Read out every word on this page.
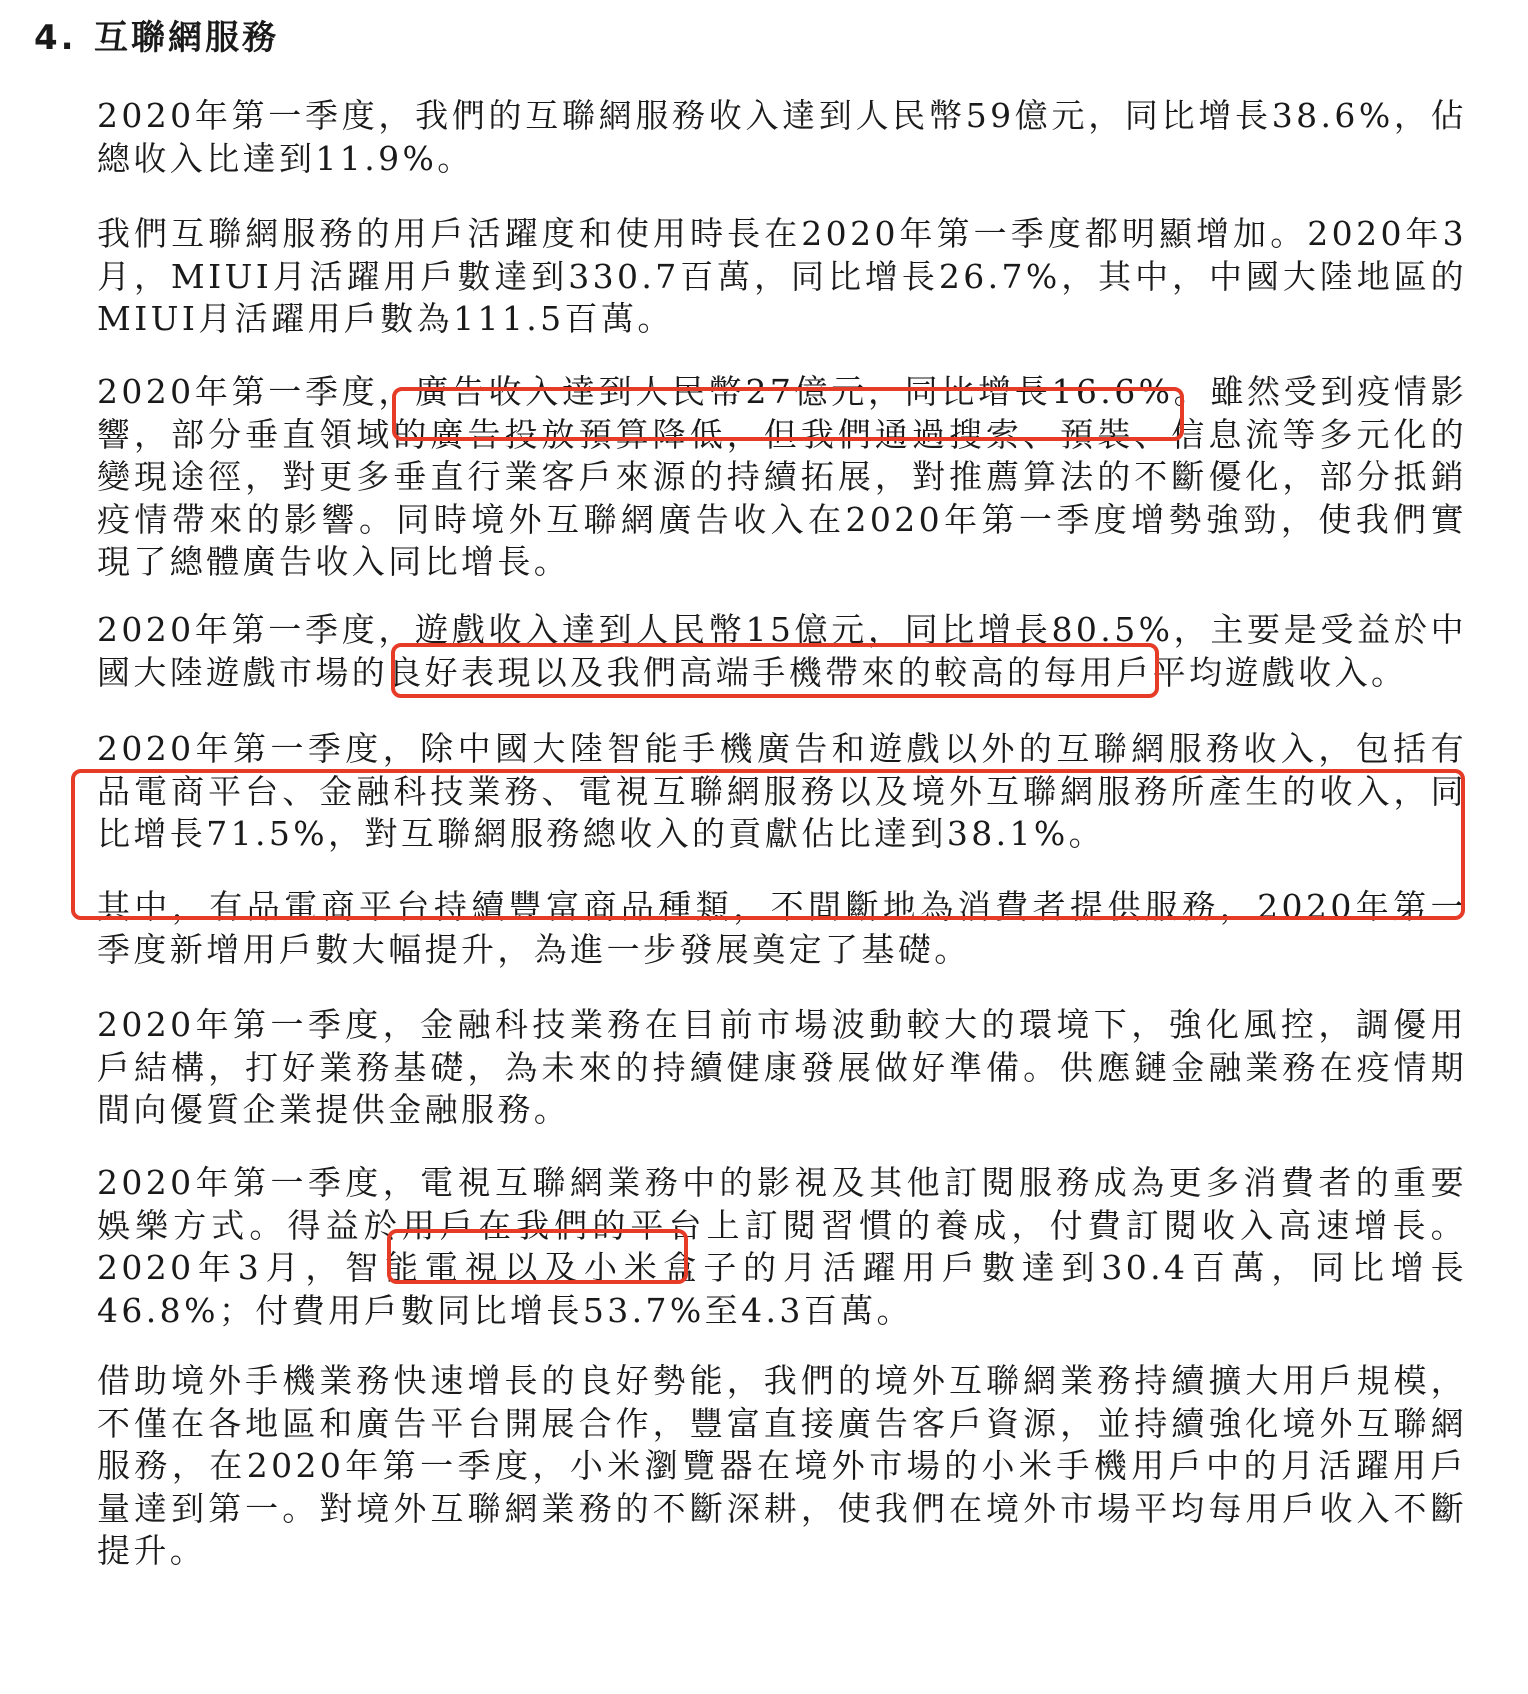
4. 互聯網服務

2020年第一季度，我們的互聯網服務收入達到人民幣59億元，同比增長38.6%，佔總收入比達到11.9%。

我們互聯網服務的用戶活躍度和使用時長在2020年第一季度都明顯增加。2020年3月，MIUI月活躍用戶數達到330.7百萬，同比增長26.7%，其中，中國大陸地區的MIUI月活躍用戶數為111.5百萬。

2020年第一季度，廣告收入達到人民幣27億元，同比增長16.6%。雖然受到疫情影響，部分垂直領域的廣告投放預算降低，但我們通過搜索、預裝、信息流等多元化的變現途徑，對更多垂直行業客戶來源的持續拓展，對推薦算法的不斷優化，部分抵銷疫情帶來的影響。同時境外互聯網廣告收入在2020年第一季度增勢強勁，使我們實現了總體廣告收入同比增長。

2020年第一季度，遊戲收入達到人民幣15億元，同比增長80.5%，主要是受益於中國大陸遊戲市場的良好表現以及我們高端手機帶來的較高的每用戶平均遊戲收入。

2020年第一季度，除中國大陸智能手機廣告和遊戲以外的互聯網服務收入，包括有品電商平台、金融科技業務、電視互聯網服務以及境外互聯網服務所產生的收入，同比增長71.5%，對互聯網服務總收入的貢獻佔比達到38.1%。

其中，有品電商平台持續豐富商品種類，不間斷地為消費者提供服務，2020年第一季度新增用戶數大幅提升，為進一步發展奠定了基礎。

2020年第一季度，金融科技業務在目前市場波動較大的環境下，強化風控，調優用戶結構，打好業務基礎，為未來的持續健康發展做好準備。供應鏈金融業務在疫情期間向優質企業提供金融服務。

2020年第一季度，電視互聯網業務中的影視及其他訂閱服務成為更多消費者的重要娛樂方式。得益於用戶在我們的平台上訂閱習慣的養成，付費訂閱收入高速增長。2020年3月，智能電視以及小米盒子的月活躍用戶數達到30.4百萬，同比增長46.8%；付費用戶數同比增長53.7%至4.3百萬。

借助境外手機業務快速增長的良好勢能，我們的境外互聯網業務持續擴大用戶規模，不僅在各地區和廣告平台開展合作，豐富直接廣告客戶資源，並持續強化境外互聯網服務，在2020年第一季度，小米瀏覽器在境外市場的小米手機用戶中的月活躍用戶量達到第一。對境外互聯網業務的不斷深耕，使我們在境外市場平均每用戶收入不斷提升。
